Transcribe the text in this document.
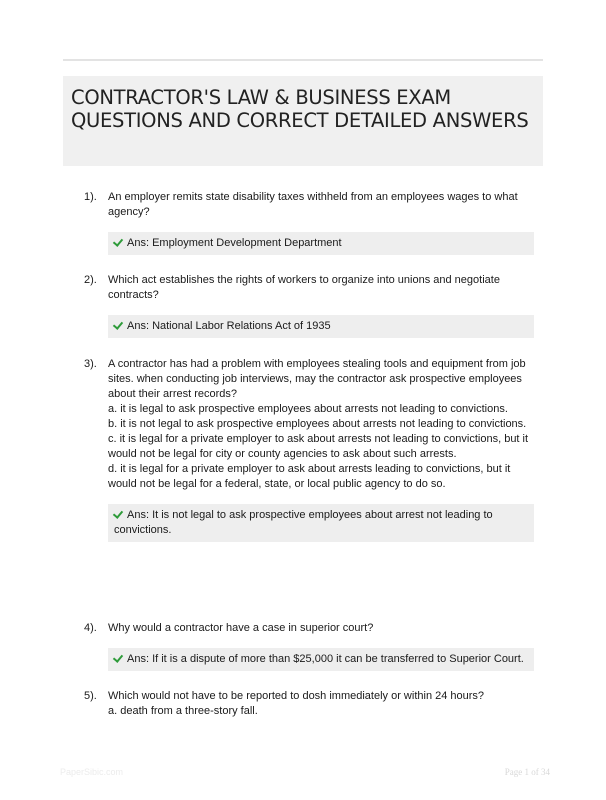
CONTRACTOR'S LAW & BUSINESS EXAM QUESTIONS AND CORRECT DETAILED ANSWERS
1). An employer remits state disability taxes withheld from an employees wages to what agency?

Ans: Employment Development Department
2). Which act establishes the rights of workers to organize into unions and negotiate contracts?

Ans: National Labor Relations Act of 1935
3). A contractor has had a problem with employees stealing tools and equipment from job sites. when conducting job interviews, may the contractor ask prospective employees about their arrest records?

a. it is legal to ask prospective employees about arrests not leading to convictions.

b. it is not legal to ask prospective employees about arrests not leading to convictions.

c. it is legal for a private employer to ask about arrests not leading to convictions, but it would not be legal for city or county agencies to ask about such arrests.

d. it is legal for a private employer to ask about arrests leading to convictions, but it would not be legal for a federal, state, or local public agency to do so.

Ans: It is not legal to ask prospective employees about arrest not leading to convictions.
4). Why would a contractor have a case in superior court?

Ans: If it is a dispute of more than $25,000 it can be transferred to Superior Court.
5). Which would not have to be reported to dosh immediately or within 24 hours?

a. death from a three-story fall.

PaperSibic.com	Page 1 of 34
